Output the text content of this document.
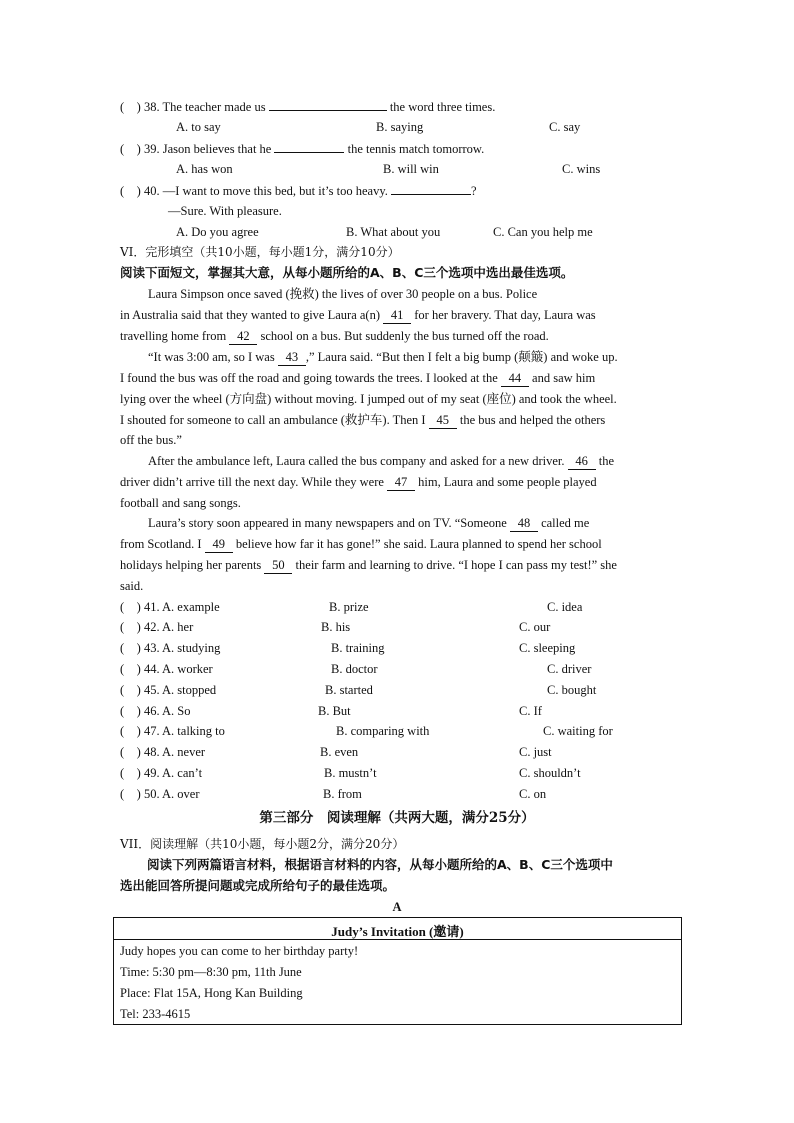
(　) 38. The teacher made us	the word three times.
A. to say	B. saying	C. say
(　) 39. Jason believes that he	the tennis match tomorrow.
A. has won	B. will win	C. wins
(　) 40. —I want to move this bed, but it’s too heavy.	?
—Sure. With pleasure.
A. Do you agree	B. What about you	C. Can you help me
VI．完形填空（共10小题，每小题1分，满分10分）
阅读下面短文，掌握其大意，从每小题所给的A、B、C三个选项中选出最佳选项。
Laura Simpson once saved (挽救) the lives of over 30 people on a bus. Police
in Australia said that they wanted to give Laura a(n) 41 for her bravery. That day, Laura was
travelling home from 42 school on a bus. But suddenly the bus turned off the road.
“It was 3:00 am, so I was 43 ,” Laura said. “But then I felt a big bump (颠簸) and woke up.
I found the bus was off the road and going towards the trees. I looked at the 44 and saw him
lying over the wheel (方向盘) without moving. I jumped out of my seat (座位) and took the wheel.
I shouted for someone to call an ambulance (救护车). Then I 45 the bus and helped the others
off the bus.”
After the ambulance left, Laura called the bus company and asked for a new driver. 46 the
driver didn’t arrive till the next day. While they were 47 him, Laura and some people played
football and sang songs.
Laura’s story soon appeared in many newspapers and on TV. “Someone 48 called me
from Scotland. I 49 believe how far it has gone!” she said. Laura planned to spend her school
holidays helping her parents 50 their farm and learning to drive. “I hope I can pass my test!” she
said.
(　) 41. A. example	B. prize	C. idea
(　) 42. A. her	B. his	C. our
(　) 43. A. studying	B. training	C. sleeping
(　) 44. A. worker	B. doctor	C. driver
(　) 45. A. stopped	B. started	C. bought
(　) 46. A. So	B. But	C. If
(　) 47. A. talking to	B. comparing with	C. waiting for
(　) 48. A. never	B. even	C. just
(　) 49. A. can’t	B. mustn’t	C. shouldn’t
(　) 50. A. over	B. from	C. on
第三部分　阅读理解（共两大题，满分25分）
VII．阅读理解（共10小题，每小题2分，满分20分）
阅读下列两篇语言材料，根据语言材料的内容，从每小题所给的A、B、C三个选项中
选出能回答所提问题或完成所给句子的最佳选项。
A
Judy’s Invitation (邀请)
Judy hopes you can come to her birthday party!
Time: 5:30 pm—8:30 pm, 11th June
Place: Flat 15A, Hong Kan Building
Tel: 233-4615
